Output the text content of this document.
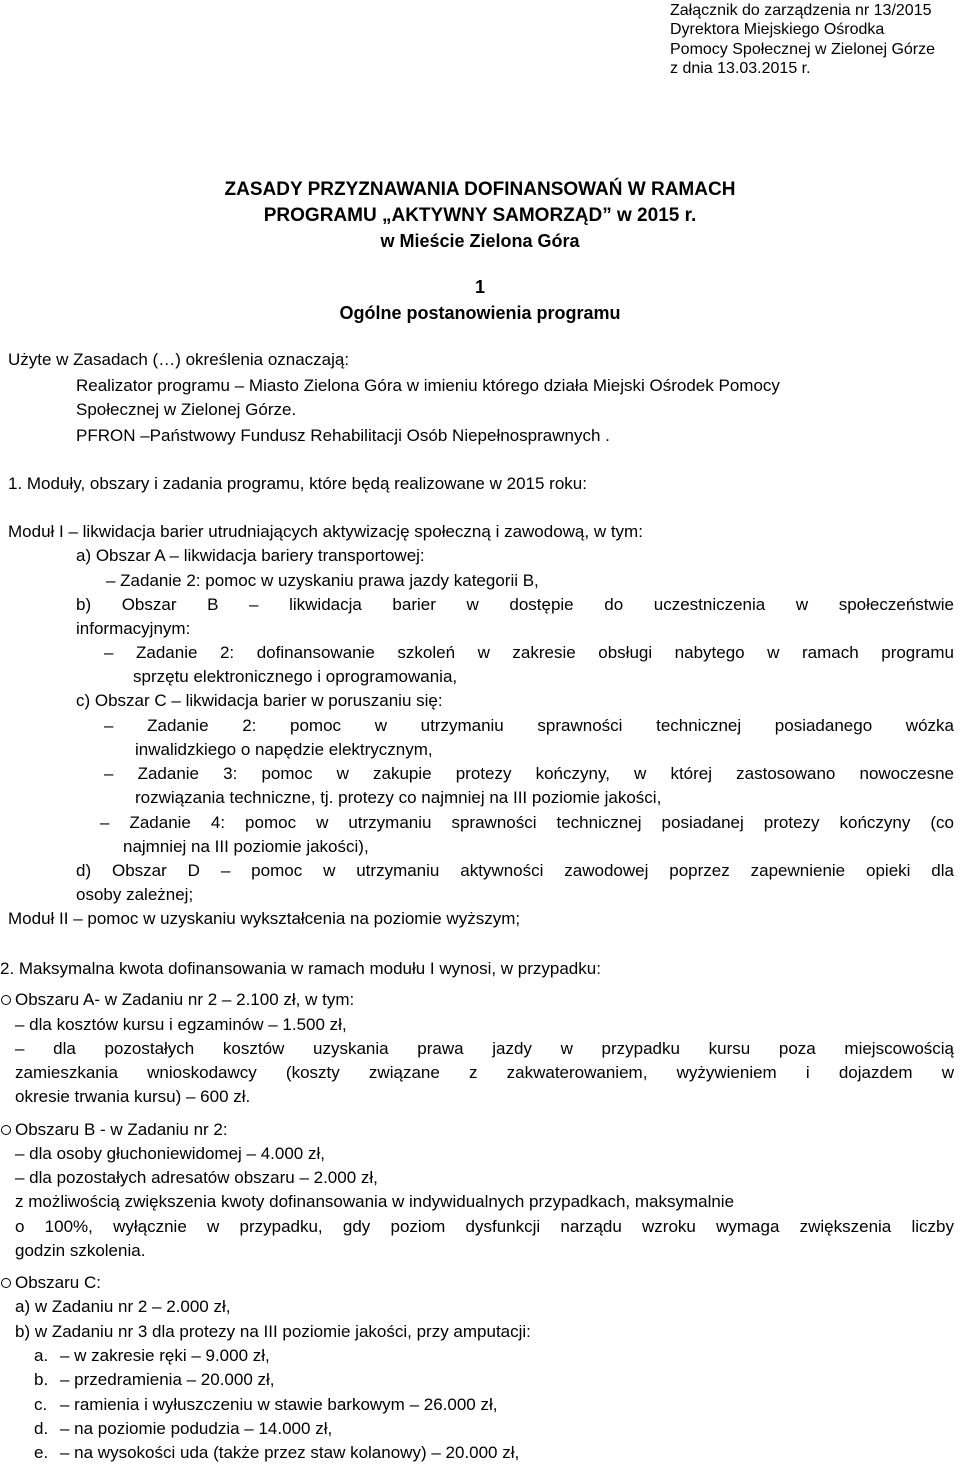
Załącznik do zarządzenia nr 13/2015
Dyrektora Miejskiego Ośrodka
Pomocy Społecznej w Zielonej Górze
z dnia 13.03.2015 r.
ZASADY PRZYZNAWANIA DOFINANSOWAŃ W RAMACH
PROGRAMU „AKTYWNY SAMORZĄD” w 2015 r.
w Mieście Zielona Góra
1
Ogólne postanowienia programu
Użyte w Zasadach (…) określenia oznaczają:
Realizator programu – Miasto Zielona Góra w imieniu którego działa Miejski Ośrodek Pomocy
Społecznej w Zielonej Górze.
PFRON –Państwowy Fundusz Rehabilitacji Osób Niepełnosprawnych .
1. Moduły, obszary i zadania programu, które będą realizowane w 2015 roku:
Moduł I – likwidacja barier utrudniających aktywizację społeczną i zawodową, w tym:
a) Obszar A – likwidacja bariery transportowej:
– Zadanie 2: pomoc w uzyskaniu prawa jazdy kategorii B,
b) Obszar B – likwidacja barier w dostępie do uczestniczenia w społeczeństwie
informacyjnym:
– Zadanie 2: dofinansowanie szkoleń w zakresie obsługi nabytego w ramach programu
sprzętu elektronicznego i oprogramowania,
c) Obszar C – likwidacja barier w poruszaniu się:
– Zadanie 2: pomoc w utrzymaniu sprawności technicznej posiadanego wózka
inwalidzkiego o napędzie elektrycznym,
– Zadanie 3: pomoc w zakupie protezy kończyny, w której zastosowano nowoczesne
rozwiązania techniczne, tj. protezy co najmniej na III poziomie jakości,
– Zadanie 4: pomoc w utrzymaniu sprawności technicznej posiadanej protezy kończyny (co
najmniej na III poziomie jakości),
d) Obszar D – pomoc w utrzymaniu aktywności zawodowej poprzez zapewnienie opieki dla
osoby zależnej;
Moduł II – pomoc w uzyskaniu wykształcenia na poziomie wyższym;
2. Maksymalna kwota dofinansowania w ramach modułu I wynosi, w przypadku:
Obszaru A- w Zadaniu nr 2 – 2.100 zł, w tym:
– dla kosztów kursu i egzaminów – 1.500 zł,
– dla pozostałych kosztów uzyskania prawa jazdy w przypadku kursu poza miejscowością
zamieszkania wnioskodawcy (koszty związane z zakwaterowaniem, wyżywieniem i dojazdem w
okresie trwania kursu) – 600 zł.
Obszaru B - w Zadaniu nr 2:
– dla osoby głuchoniewidomej – 4.000 zł,
– dla pozostałych adresatów obszaru – 2.000 zł,
z możliwością zwiększenia kwoty dofinansowania w indywidualnych przypadkach, maksymalnie
o 100%, wyłącznie w przypadku, gdy poziom dysfunkcji narządu wzroku wymaga zwiększenia liczby
godzin szkolenia.
Obszaru C:
a) w Zadaniu nr 2 – 2.000 zł,
b) w Zadaniu nr 3 dla protezy na III poziomie jakości, przy amputacji:
a. – w zakresie ręki – 9.000 zł,
b. – przedramienia – 20.000 zł,
c. – ramienia i wyłuszczeniu w stawie barkowym – 26.000 zł,
d. – na poziomie podudzia – 14.000 zł,
e. – na wysokości uda (także przez staw kolanowy) – 20.000 zł,
